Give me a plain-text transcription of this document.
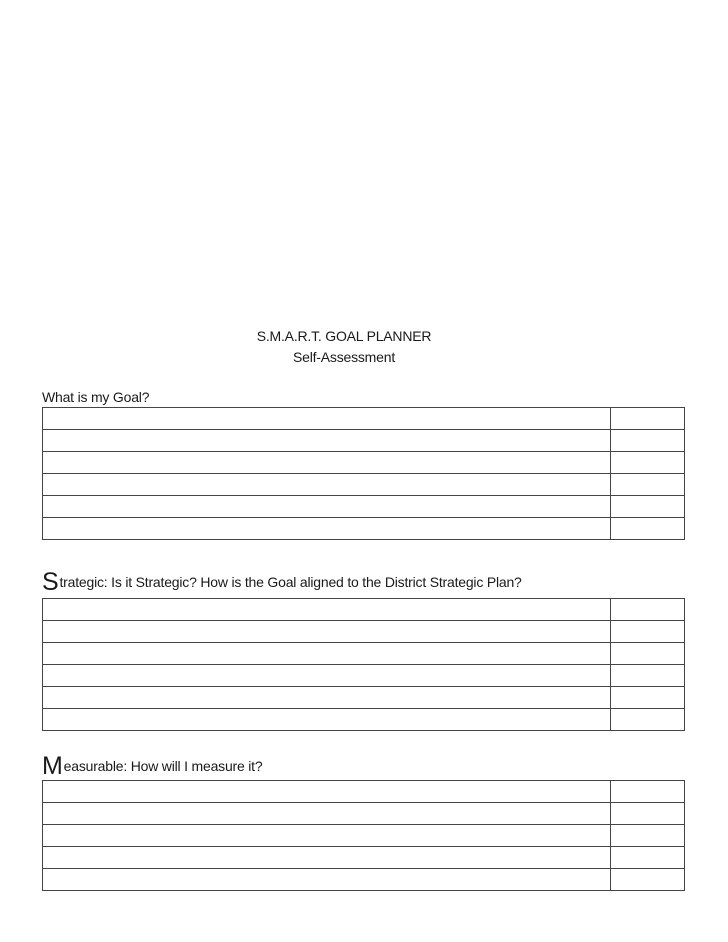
S.M.A.R.T. GOAL PLANNER
Self-Assessment
What is my Goal?
Strategic: Is it Strategic? How is the Goal aligned to the District Strategic Plan?
Measurable: How will I measure it?
